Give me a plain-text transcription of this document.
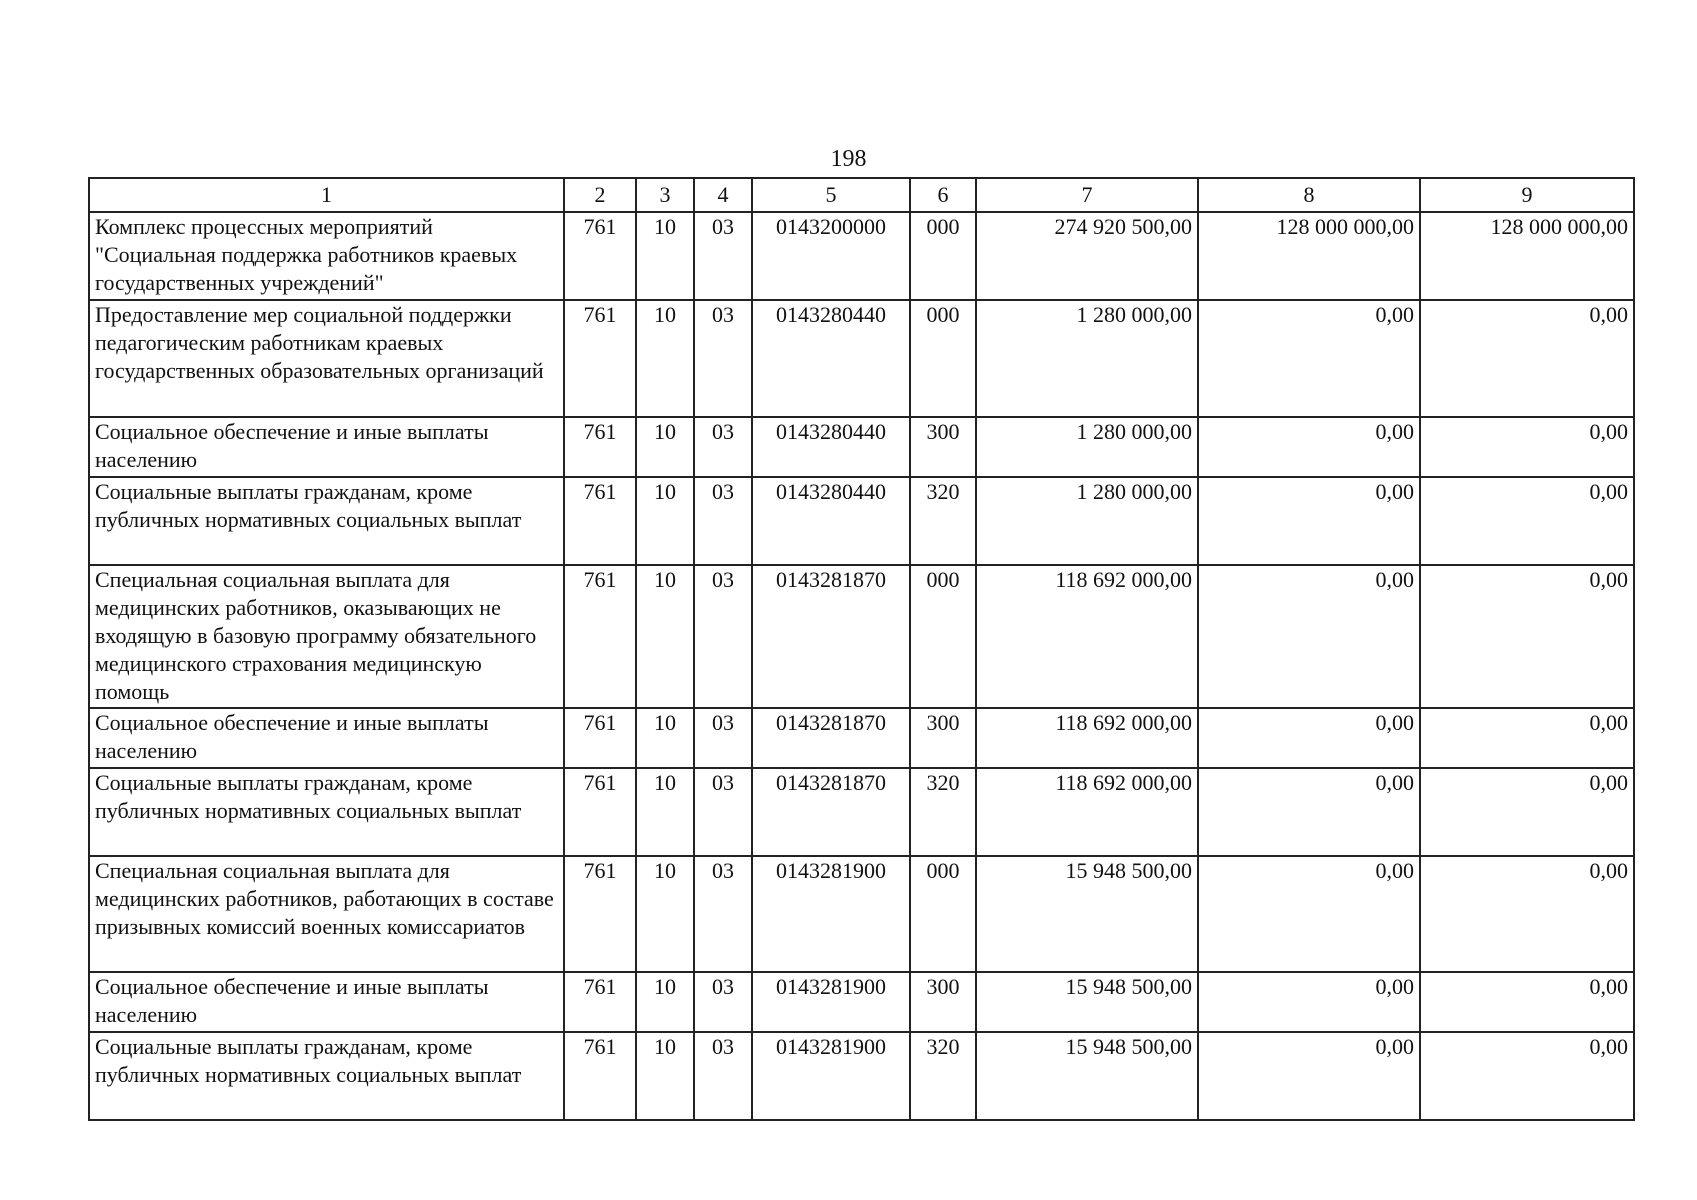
198
1	2	3	4	5	6	7	8	9
Комплекс процессных мероприятий "Социальная поддержка работников краевых государственных учреждений"	761	10	03	0143200000	000	274 920 500,00	128 000 000,00	128 000 000,00
Предоставление мер социальной поддержки педагогическим работникам краевых государственных образовательных организаций	761	10	03	0143280440	000	1 280 000,00	0,00	0,00
Социальное обеспечение и иные выплаты населению	761	10	03	0143280440	300	1 280 000,00	0,00	0,00
Социальные выплаты гражданам, кроме публичных нормативных социальных выплат	761	10	03	0143280440	320	1 280 000,00	0,00	0,00
Специальная социальная выплата для медицинских работников, оказывающих не входящую в базовую программу обязательного медицинского страхования медицинскую помощь	761	10	03	0143281870	000	118 692 000,00	0,00	0,00
Социальное обеспечение и иные выплаты населению	761	10	03	0143281870	300	118 692 000,00	0,00	0,00
Социальные выплаты гражданам, кроме публичных нормативных социальных выплат	761	10	03	0143281870	320	118 692 000,00	0,00	0,00
Специальная социальная выплата для медицинских работников, работающих в составе призывных комиссий военных комиссариатов	761	10	03	0143281900	000	15 948 500,00	0,00	0,00
Социальное обеспечение и иные выплаты населению	761	10	03	0143281900	300	15 948 500,00	0,00	0,00
Социальные выплаты гражданам, кроме публичных нормативных социальных выплат	761	10	03	0143281900	320	15 948 500,00	0,00	0,00
